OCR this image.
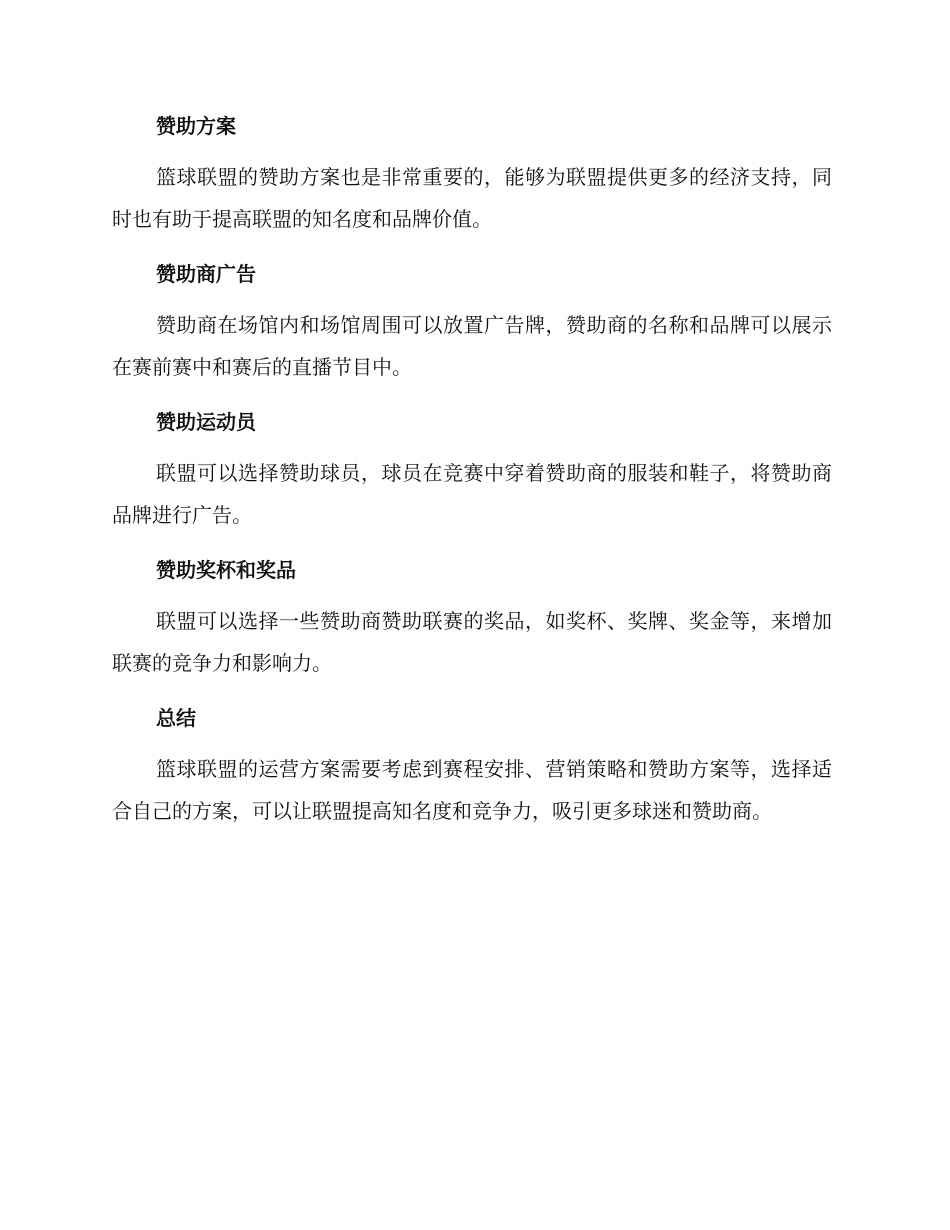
赞助方案

篮球联盟的赞助方案也是非常重要的，能够为联盟提供更多的经济支持，同时也有助于提高联盟的知名度和品牌价值。

赞助商广告

赞助商在场馆内和场馆周围可以放置广告牌，赞助商的名称和品牌可以展示在赛前赛中和赛后的直播节目中。

赞助运动员

联盟可以选择赞助球员，球员在竞赛中穿着赞助商的服装和鞋子，将赞助商品牌进行广告。

赞助奖杯和奖品

联盟可以选择一些赞助商赞助联赛的奖品，如奖杯、奖牌、奖金等，来增加联赛的竞争力和影响力。

总结

篮球联盟的运营方案需要考虑到赛程安排、营销策略和赞助方案等，选择适合自己的方案，可以让联盟提高知名度和竞争力，吸引更多球迷和赞助商。
